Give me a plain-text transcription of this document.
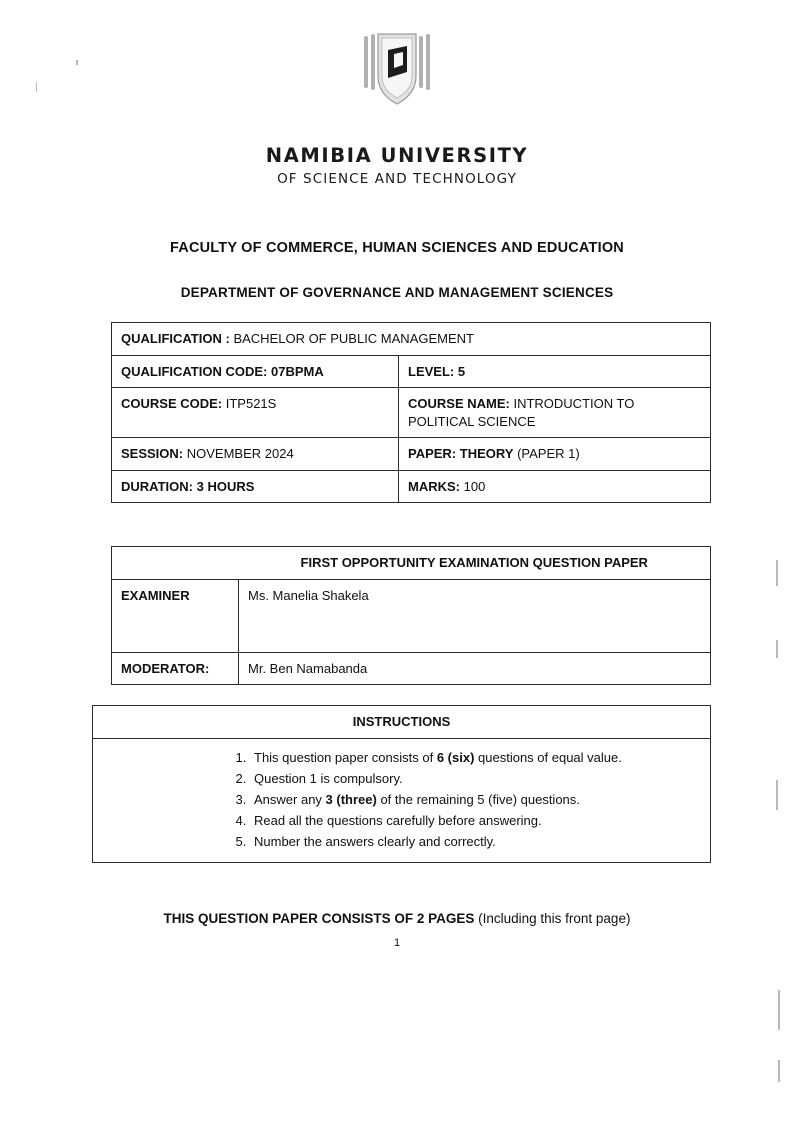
NAMIBIA UNIVERSITY
OF SCIENCE AND TECHNOLOGY
FACULTY OF COMMERCE, HUMAN SCIENCES AND EDUCATION
DEPARTMENT OF GOVERNANCE AND MANAGEMENT SCIENCES
QUALIFICATION : BACHELOR OF PUBLIC MANAGEMENT	
QUALIFICATION CODE: 07BPMA	LEVEL: 5
COURSE CODE: ITP521S	COURSE NAME: INTRODUCTION TO POLITICAL SCIENCE
SESSION: NOVEMBER 2024	PAPER: THEORY (PAPER 1)
DURATION: 3 HOURS	MARKS: 100
	FIRST OPPORTUNITY EXAMINATION QUESTION PAPER
EXAMINER	Ms. Manelia Shakela
MODERATOR:	Mr. Ben Namabanda
INSTRUCTIONS

1. This question paper consists of 6 (six) questions of equal value.
2. Question 1 is compulsory.
3. Answer any 3 (three) of the remaining 5 (five) questions.
4. Read all the questions carefully before answering.
5. Number the answers clearly and correctly.
THIS QUESTION PAPER CONSISTS OF 2 PAGES (Including this front page)
1
